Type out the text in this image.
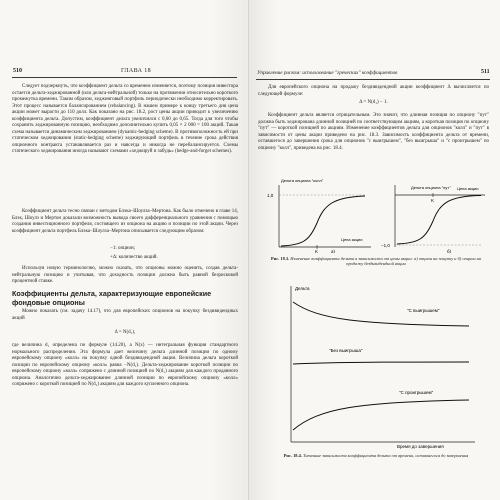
510	ГЛАВА 18

Следует подчеркнуть, что коэффициент дельта со временем изменяется, поэтому позиция инвестора остается дельта-хеджированной (или дельта-нейтральной) только на протяжении относительно короткого промежутка времени. Таким образом, хеджинговый портфель периодически необходимо корректировать. Этот процесс называется балансированием (rebalancing). В нашем примере к концу третьего дня цена акции может вырасти до 110 долл. Как показано на рис. 18.2, рост цены акции приводит к увеличению коэффициента дельта. Допустим, коэффициент дельта увеличился с 0,60 до 0,65. Тогда для того чтобы сохранить хеджированную позицию, необходимо дополнительно купить 0,05 × 2 000 = 100 акций. Такая схема называется динамическим хеджированием (dynamic-hedging scheme). В противоположность ей при статическом хеджировании (static-hedging scheme) хеджирующий портфель в течение срока действия опционного контракта устанавливается раз и навсегда и никогда не перебалансируется. Схемы статического хеджирования иногда называют схемами «хеджируй и забудь» (hedge-and-forget schemes).

Коэффициент дельта тесно связан с методом Блэка–Шоулза–Мертона. Как было отмечено в главе 14, Блэк, Шоулз и Мертон доказали возможность вывода своего дифференциального уравнения с помощью создания инвестиционного портфеля, состоящего из опциона на акцию и позиции по этой акции. Через коэффициент дельта портфель Блэка–Шоулза–Мертона описывается следующим образом:

−1: опцион;

+Δ: количество акций.

Используя новую терминологию, можно сказать, что опционы можно оценить, создав дельта-нейтральную позицию и учитывая, что доходность позиции должна быть равной безрисковой процентной ставке.

Коэффициенты дельта, характеризующие европейские фондовые опционы

Можно показать (см. задачу 14.17), что для европейских опционов на покупку бездивидендных акций

Δ = N(d₁),

где величина d₁ определена по формуле (14.20), а N(x) — интегральная функция стандартного нормального распределения. Эта формула дает величину дельта длинной позиции по одному европейскому опциону «колл» на покупку одной бездивидендной акции. Величина дельта короткой позиции по европейскому опциону «колл» равна −N(d₁). Дельта-хеджирование короткой позиции по европейскому опциону «колл» сопряжено с длинной позицией по N(d₁) акциям для каждого проданного опциона. Аналогично дельта-хеджирование длинной позиции по европейскому опциону «колл» сопряжено с короткой позицией по N(d₁) акциям для каждого купленного опциона.

Управление риском: использование "греческих" коэффициентов	511

Для европейского опциона на продажу бездивидендной акции коэффициент Δ вычисляется по следующей формуле:

Δ = N(d₁) − 1.

Коэффициент дельта является отрицательным. Это значит, что длинная позиция по опциону "пут" должна быть хеджирована длинной позицией по соответствующим акциям, а короткая позиция по опциону "пут" — короткой позицией по акциям. Изменение коэффициентов дельта для опционов "колл" и "пут" в зависимости от цены акции приведено на рис. 18.3. Зависимость коэффициента дельта от времени, оставшегося до завершения срока для опционов "с выигрышем", "без выигрыша" и "с проигрышем" по опциону "колл", приведена на рис. 18.4.

1,0
Дельта опциона "колл"
K
Цена акции
а)
K
−1,0
Дельта опциона "пут" Цена акции
б)

Рис. 18.3. Изменение коэффициента дельта в зависимости от цены акции: а) опцион на покупку и б) опцион на продажу бездивидендной акции

Дельта
Время до завершения
"С выигрышем"
"Без выигрыша"
"С проигрышем"

Рис. 18.4. Типичные зависимости коэффициента дельта от времени, оставшегося до завершения
